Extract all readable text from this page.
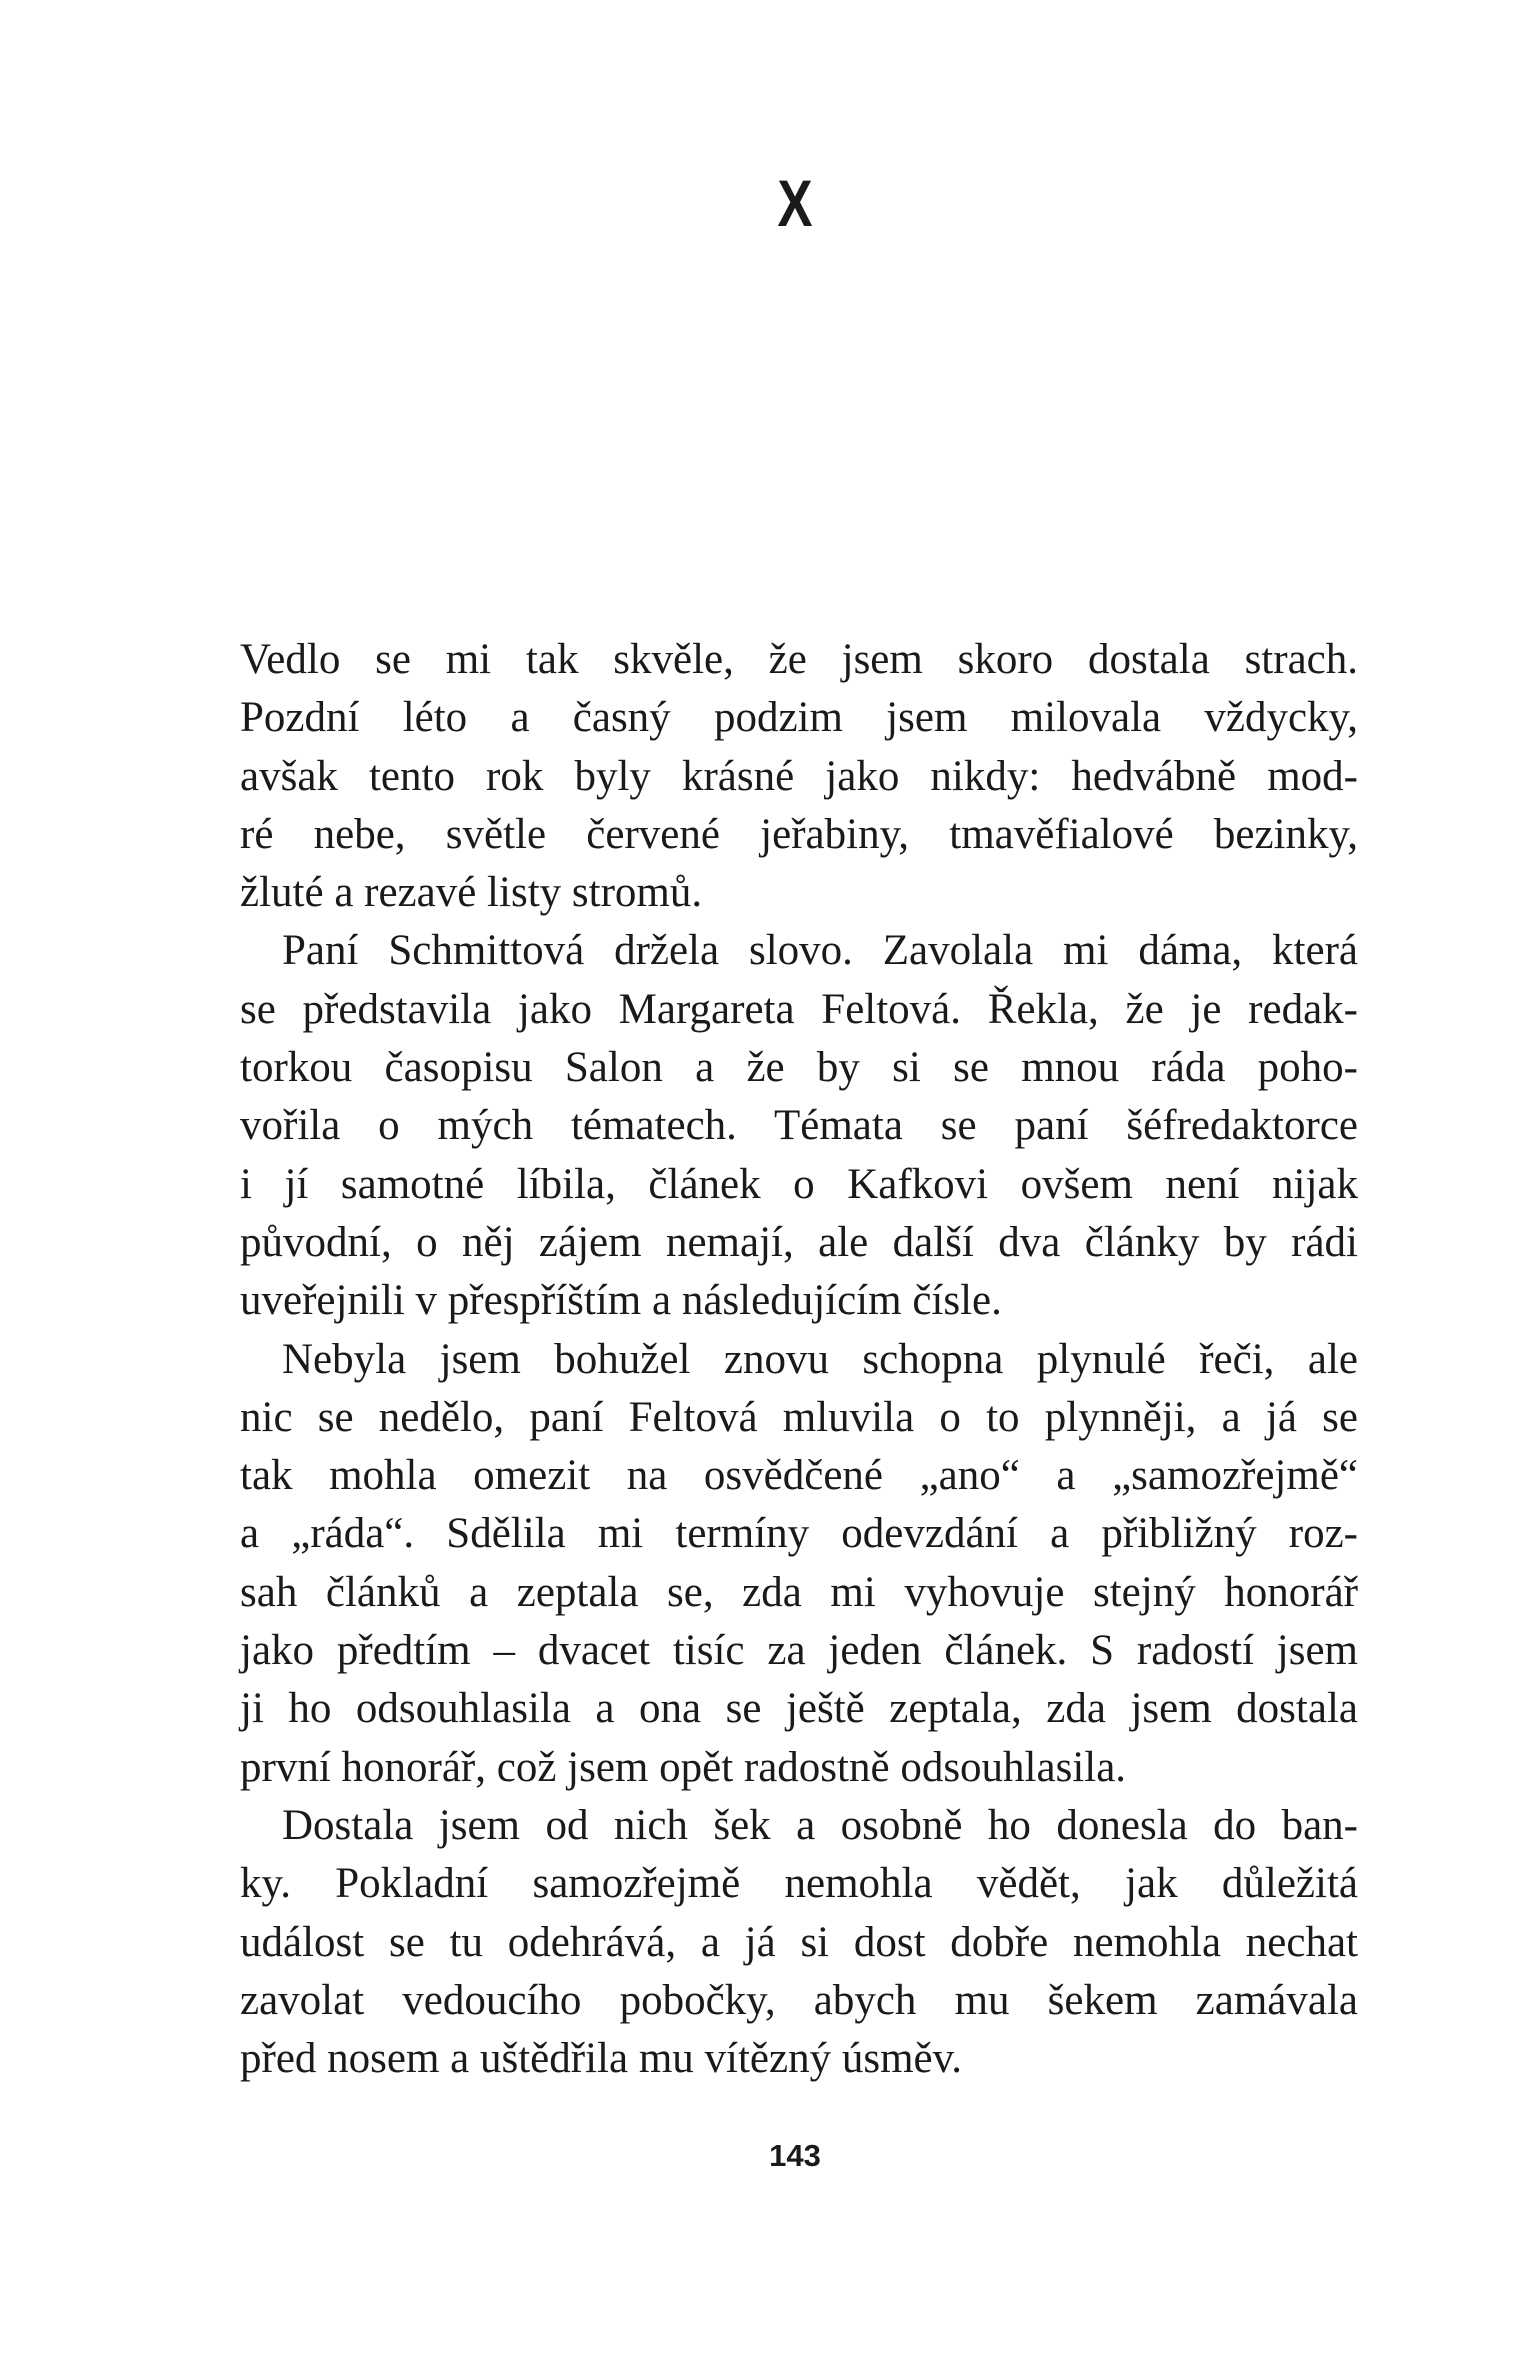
X
Vedlo se mi tak skvěle, že jsem skoro dostala strach.
Pozdní léto a časný podzim jsem milovala vždycky,
avšak tento rok byly krásné jako nikdy: hedvábně mod-
ré nebe, světle červené jeřabiny, tmavěfialové bezinky,
žluté a rezavé listy stromů.
Paní Schmittová držela slovo. Zavolala mi dáma, která
se představila jako Margareta Feltová. Řekla, že je redak-
torkou časopisu Salon a že by si se mnou ráda poho-
vořila o mých tématech. Témata se paní šéfredaktorce
i jí samotné líbila, článek o Kafkovi ovšem není nijak
původní, o něj zájem nemají, ale další dva články by rádi
uveřejnili v přespříštím a následujícím čísle.
Nebyla jsem bohužel znovu schopna plynulé řeči, ale
nic se nedělo, paní Feltová mluvila o to plynněji, a já se
tak mohla omezit na osvědčené „ano“ a „samozřejmě“
a „ráda“. Sdělila mi termíny odevzdání a přibližný roz-
sah článků a zeptala se, zda mi vyhovuje stejný honorář
jako předtím – dvacet tisíc za jeden článek. S radostí jsem
ji ho odsouhlasila a ona se ještě zeptala, zda jsem dostala
první honorář, což jsem opět radostně odsouhlasila.
Dostala jsem od nich šek a osobně ho donesla do ban-
ky. Pokladní samozřejmě nemohla vědět, jak důležitá
událost se tu odehrává, a já si dost dobře nemohla nechat
zavolat vedoucího pobočky, abych mu šekem zamávala
před nosem a uštědřila mu vítězný úsměv.
143
